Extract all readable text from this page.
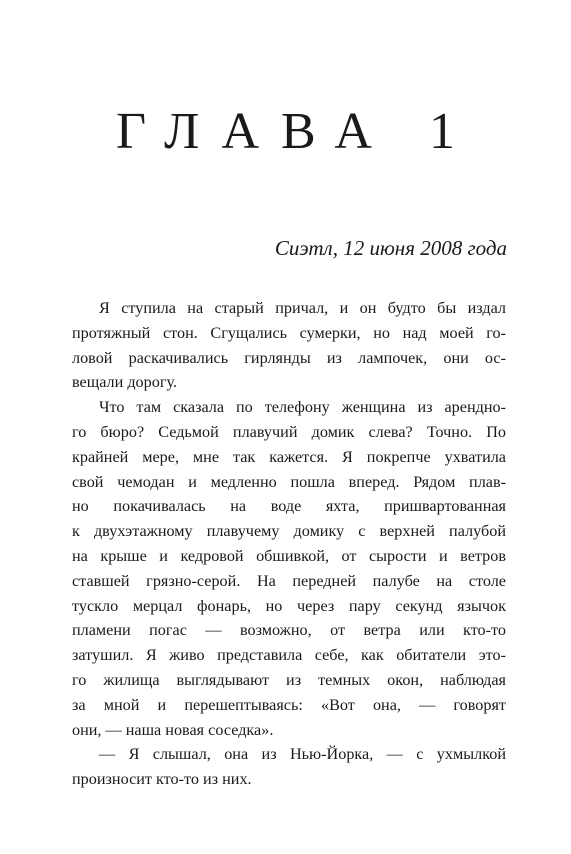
ГЛАВА 1
Сиэтл, 12 июня 2008 года
Я ступила на старый причал, и он будто бы издал
протяжный стон. Сгущались сумерки, но над моей го-
ловой раскачивались гирлянды из лампочек, они ос-
вещали дорогу.
Что там сказала по телефону женщина из арендно-
го бюро? Седьмой плавучий домик слева? Точно. По
крайней мере, мне так кажется. Я покрепче ухватила
свой чемодан и медленно пошла вперед. Рядом плав-
но покачивалась на воде яхта, пришвартованная
к двухэтажному плавучему домику с верхней палубой
на крыше и кедровой обшивкой, от сырости и ветров
ставшей грязно-серой. На передней палубе на столе
тускло мерцал фонарь, но через пару секунд язычок
пламени погас — возможно, от ветра или кто-то
затушил. Я живо представила себе, как обитатели это-
го жилища выглядывают из темных окон, наблюдая
за мной и перешептываясь: «Вот она, — говорят
они, — наша новая соседка».
— Я слышал, она из Нью-Йорка, — с ухмылкой
произносит кто-то из них.
